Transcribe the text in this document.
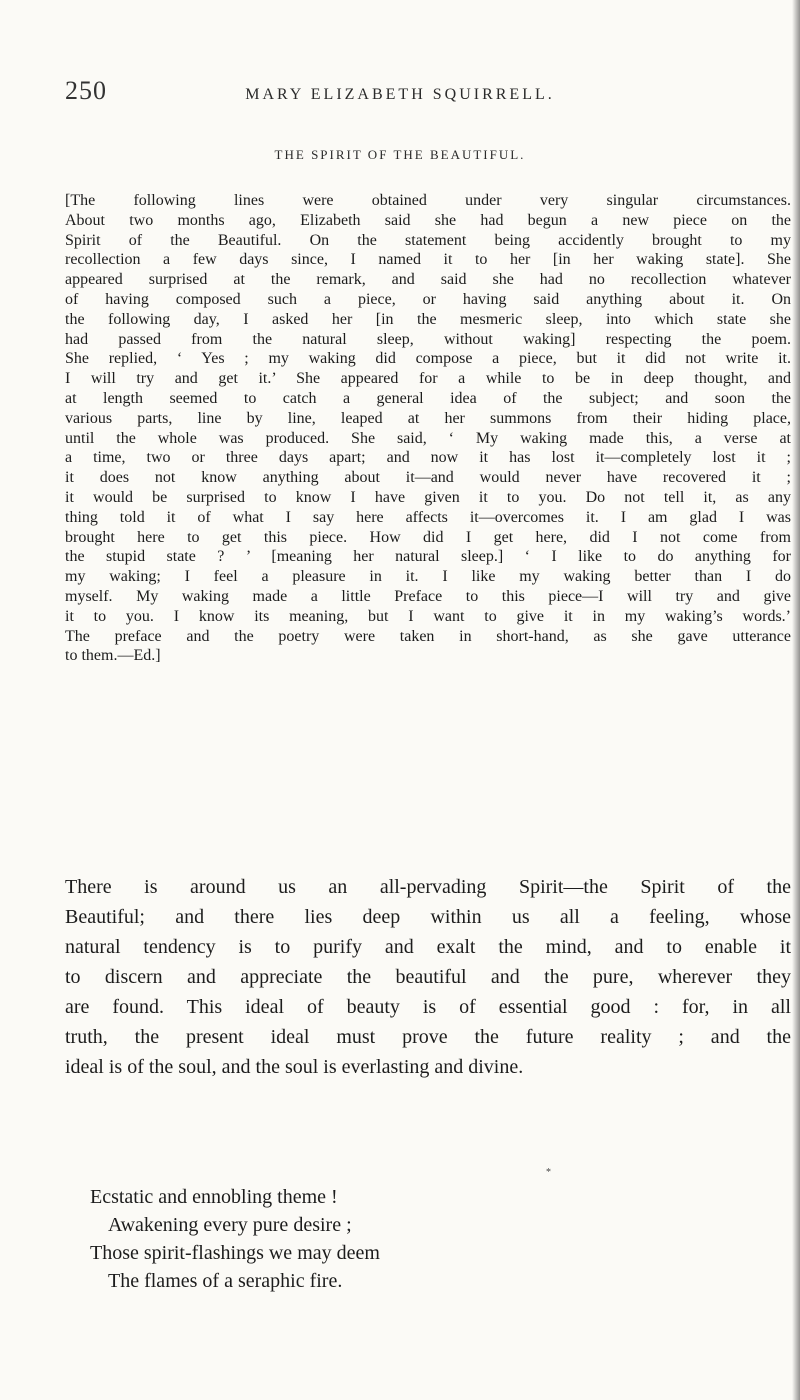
250	MARY ELIZABETH SQUIRRELL.
THE SPIRIT OF THE BEAUTIFUL.
[The following lines were obtained under very singular circumstances.
About two months ago, Elizabeth said she had begun a new piece on the
Spirit of the Beautiful. On the statement being accidently brought to my
recollection a few days since, I named it to her [in her waking state]. She
appeared surprised at the remark, and said she had no recollection whatever
of having composed such a piece, or having said anything about it. On
the following day, I asked her [in the mesmeric sleep, into which state she
had passed from the natural sleep, without waking] respecting the poem.
She replied, ‘ Yes ; my waking did compose a piece, but it did not write it.
I will try and get it.’ She appeared for a while to be in deep thought, and
at length seemed to catch a general idea of the subject; and soon the
various parts, line by line, leaped at her summons from their hiding place,
until the whole was produced. She said, ‘ My waking made this, a verse at
a time, two or three days apart; and now it has lost it—completely lost it ;
it does not know anything about it—and would never have recovered it ;
it would be surprised to know I have given it to you. Do not tell it, as any
thing told it of what I say here affects it—overcomes it. I am glad I was
brought here to get this piece. How did I get here, did I not come from
the stupid state ? ’ [meaning her natural sleep.] ‘ I like to do anything for
my waking; I feel a pleasure in it. I like my waking better than I do
myself. My waking made a little Preface to this piece—I will try and give
it to you. I know its meaning, but I want to give it in my waking’s words.’
The preface and the poetry were taken in short-hand, as she gave utterance
to them.—Ed.]
There is around us an all-pervading Spirit—the Spirit of the
Beautiful; and there lies deep within us all a feeling, whose
natural tendency is to purify and exalt the mind, and to enable it
to discern and appreciate the beautiful and the pure, wherever they
are found. This ideal of beauty is of essential good : for, in all
truth, the present ideal must prove the future reality ; and the
ideal is of the soul, and the soul is everlasting and divine.
*
Ecstatic and ennobling theme !
Awakening every pure desire ;
Those spirit-flashings we may deem
The flames of a seraphic fire.
